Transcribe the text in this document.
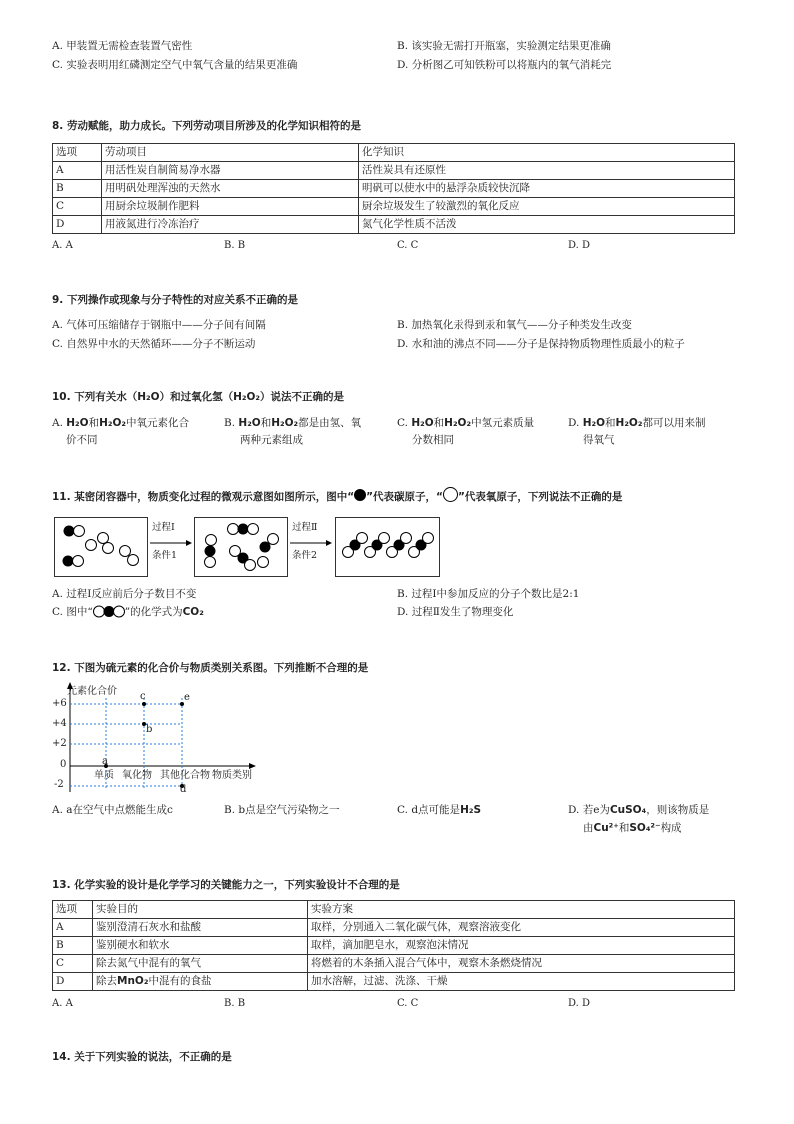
A. 甲装置无需检查装置气密性	B. 该实验无需打开瓶塞，实验测定结果更准确
C. 实验表明用红磷测定空气中氧气含量的结果更准确	D. 分析图乙可知铁粉可以将瓶内的氧气消耗完
8. 劳动赋能，助力成长。下列劳动项目所涉及的化学知识相符的是
选项	劳动项目	化学知识
A	用活性炭自制简易净水器	活性炭具有还原性
B	用明矾处理浑浊的天然水	明矾可以使水中的悬浮杂质较快沉降
C	用厨余垃圾制作肥料	厨余垃圾发生了较激烈的氧化反应
D	用液氮进行冷冻治疗	氮气化学性质不活泼
A. A	B. B	C. C	D. D
9. 下列操作或现象与分子特性的对应关系不正确的是
A. 气体可压缩储存于钢瓶中——分子间有间隔	B. 加热氧化汞得到汞和氧气——分子种类发生改变
C. 自然界中水的天然循环——分子不断运动	D. 水和油的沸点不同——分子是保持物质物理性质最小的粒子
10. 下列有关水（H₂O）和过氧化氢（H₂O₂）说法不正确的是
A. H₂O和H₂O₂中氧元素化合
价不同
B. H₂O和H₂O₂都是由氢、氧
两种元素组成
C. H₂O和H₂O₂中氢元素质量
分数相同
D. H₂O和H₂O₂都可以用来制
得氧气
11. 某密闭容器中，物质变化过程的微观示意图如图所示，图中“ ”代表碳原子，“ ”代表氧原子，下列说法不正确的是
过程Ⅰ
条件1
过程Ⅱ
条件2
A. 过程Ⅰ反应前后分子数目不变	B. 过程Ⅰ中参加反应的分子个数比是2:1
C. 图中“	”的化学式为CO₂	D. 过程Ⅱ发生了物理变化
12. 下图为硫元素的化合价与物质类别关系图。下列推断不合理的是
元素化合价
+6
+4
+2
0
-2
a
b
c
d
e
单质 氧化物 其他化合物 物质类别
A. a在空气中点燃能生成c	B. b点是空气污染物之一	C. d点可能是H₂S	D. 若e为CuSO₄，则该物质是
由Cu²⁺和SO₄²⁻构成
13. 化学实验的设计是化学学习的关键能力之一，下列实验设计不合理的是
选项	实验目的	实验方案
A	鉴别澄清石灰水和盐酸	取样，分别通入二氧化碳气体，观察溶液变化
B	鉴别硬水和软水	取样，滴加肥皂水，观察泡沫情况
C	除去氮气中混有的氧气	将燃着的木条插入混合气体中，观察木条燃烧情况
D	除去MnO₂中混有的食盐	加水溶解，过滤、洗涤、干燥
A. A	B. B	C. C	D. D
14. 关于下列实验的说法，不正确的是
